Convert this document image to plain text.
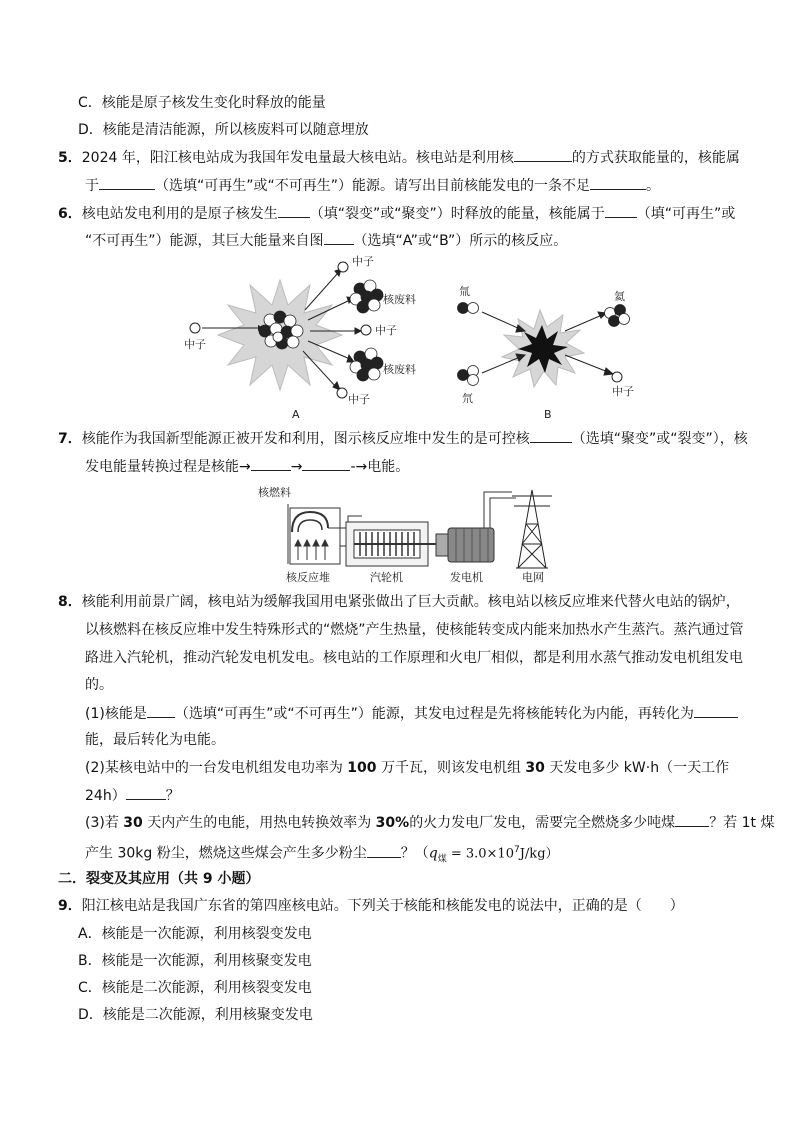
C．核能是原子核发生变化时释放的能量
D．核能是清洁能源，所以核废料可以随意埋放
5．2024 年，阳江核电站成为我国年发电量最大核电站。核电站是利用核	的方式获取能量的，核能属
于	（选填“可再生”或“不可再生”）能源。请写出目前核能发电的一条不足	。
6．核电站发电利用的是原子核发生 （填“裂变”或“聚变”）时释放的能量，核能属于 （填“可再生”或
“不可再生”）能源，其巨大能量来自图 （选填“A”或“B”）所示的核反应。
中子
核废料
中子
核废料
中子
中子
A
氚
氘
氦
中子
B
7．核能作为我国新型能源正被开发和利用，图示核反应堆中发生的是可控核	（选填“聚变”或“裂变”），核
发电能量转换过程是核能→	→	-→电能。
核燃料
核反应堆	汽轮机	发电机	电网
8．核能利用前景广阔，核电站为缓解我国用电紧张做出了巨大贡献。核电站以核反应堆来代替火电站的锅炉，
以核燃料在核反应堆中发生特殊形式的“燃烧”产生热量，使核能转变成内能来加热水产生蒸汽。蒸汽通过管
路进入汽轮机，推动汽轮发电机发电。核电站的工作原理和火电厂相似，都是利用水蒸气推动发电机组发电
的。
(1)核能是 （选填“可再生”或“不可再生”）能源，其发电过程是先将核能转化为内能，再转化为
能，最后转化为电能。
(2)某核电站中的一台发电机组发电功率为 100 万千瓦，则该发电机组 30 天发电多少 kW·h（一天工作
24h）	？
(3)若 30 天内产生的电能，用热电转换效率为 30%的火力发电厂发电，需要完全燃烧多少吨煤 ？若 1t 煤
产生 30kg 粉尘，燃烧这些煤会产生多少粉尘 ？$(q_煤 = 3.0\times 10^7J/kg)$
二．裂变及其应用（共 9 小题）
9．阳江核电站是我国广东省的第四座核电站。下列关于核能和核能发电的说法中，正确的是（　　）
A．核能是一次能源，利用核裂变发电
B．核能是一次能源，利用核聚变发电
C．核能是二次能源，利用核裂变发电
D．核能是二次能源，利用核聚变发电
